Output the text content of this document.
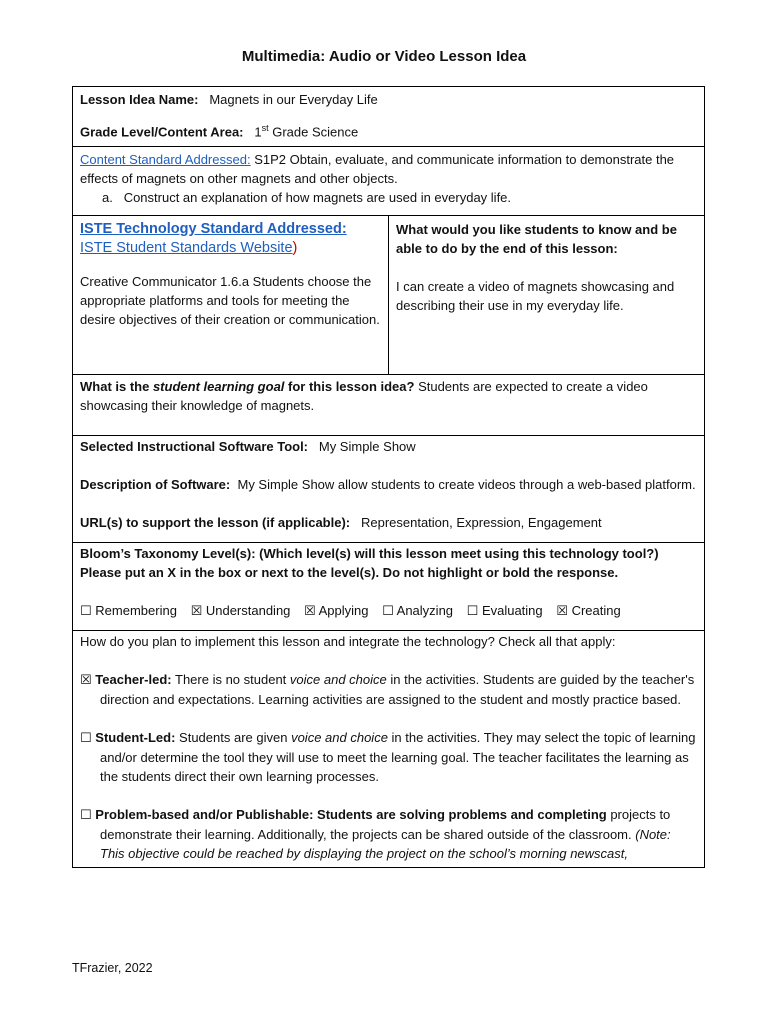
Multimedia: Audio or Video Lesson Idea

Lesson Idea Name: Magnets in our Everyday Life

Grade Level/Content Area: 1st Grade Science

Content Standard Addressed: S1P2 Obtain, evaluate, and communicate information to demonstrate the effects of magnets on other magnets and other objects.

a. Construct an explanation of how magnets are used in everyday life.

ISTE Technology Standard Addressed:

ISTE Student Standards Website)

Creative Communicator 1.6.a Students choose the appropriate platforms and tools for meeting the desire objectives of their creation or communication.

What would you like students to know and be able to do by the end of this lesson:

I can create a video of magnets showcasing and describing their use in my everyday life.

What is the student learning goal for this lesson idea? Students are expected to create a video showcasing their knowledge of magnets.

Selected Instructional Software Tool: My Simple Show

Description of Software: My Simple Show allow students to create videos through a web-based platform.

URL(s) to support the lesson (if applicable): Representation, Expression, Engagement

Bloom’s Taxonomy Level(s): (Which level(s) will this lesson meet using this technology tool?) Please put an X in the box or next to the level(s). Do not highlight or bold the response.

☐ Remembering ☒ Understanding ☒ Applying ☐ Analyzing ☐ Evaluating ☒ Creating

How do you plan to implement this lesson and integrate the technology? Check all that apply:

☒ Teacher-led: There is no student voice and choice in the activities. Students are guided by the teacher's direction and expectations. Learning activities are assigned to the student and mostly practice based.

☐ Student-Led: Students are given voice and choice in the activities. They may select the topic of learning and/or determine the tool they will use to meet the learning goal. The teacher facilitates the learning as the students direct their own learning processes.

☐ Problem-based and/or Publishable: Students are solving problems and completing projects to demonstrate their learning. Additionally, the projects can be shared outside of the classroom. (Note: This objective could be reached by displaying the project on the school’s morning newscast,

TFrazier, 2022
